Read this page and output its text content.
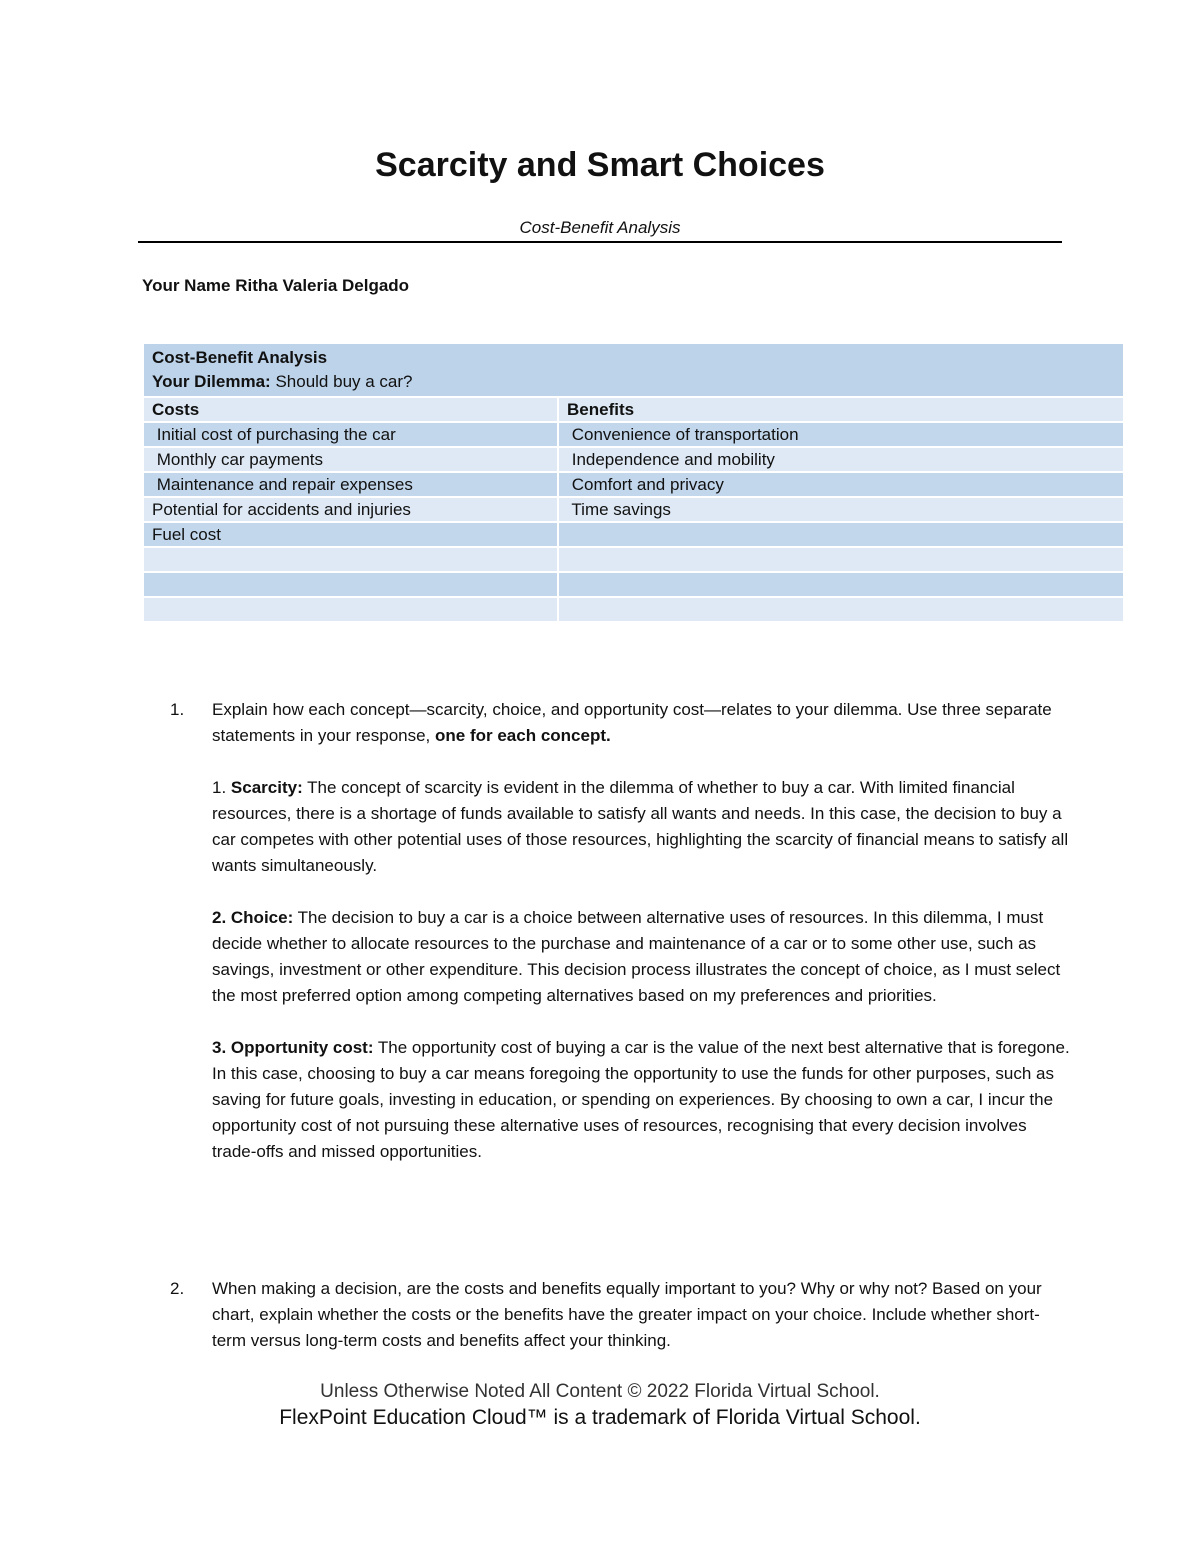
Scarcity and Smart Choices
Cost-Benefit Analysis
Your Name Ritha Valeria Delgado
Cost-Benefit Analysis
Your Dilemma: Should buy a car?	

Costs	Benefits
Initial cost of purchasing the car	Convenience of transportation
Monthly car payments	Independence and mobility
Maintenance and repair expenses	Comfort and privacy
Potential for accidents and injuries	Time savings
Fuel cost	

1.	Explain how each concept—scarcity, choice, and opportunity cost—relates to your dilemma. Use three separate statements in your response, one for each concept.
1. Scarcity: The concept of scarcity is evident in the dilemma of whether to buy a car. With limited financial resources, there is a shortage of funds available to satisfy all wants and needs. In this case, the decision to buy a car competes with other potential uses of those resources, highlighting the scarcity of financial means to satisfy all wants simultaneously.
2. Choice: The decision to buy a car is a choice between alternative uses of resources. In this dilemma, I must decide whether to allocate resources to the purchase and maintenance of a car or to some other use, such as savings, investment or other expenditure. This decision process illustrates the concept of choice, as I must select the most preferred option among competing alternatives based on my preferences and priorities.
3. Opportunity cost: The opportunity cost of buying a car is the value of the next best alternative that is foregone. In this case, choosing to buy a car means foregoing the opportunity to use the funds for other purposes, such as saving for future goals, investing in education, or spending on experiences. By choosing to own a car, I incur the opportunity cost of not pursuing these alternative uses of resources, recognising that every decision involves trade-offs and missed opportunities.
2.	When making a decision, are the costs and benefits equally important to you? Why or why not? Based on your chart, explain whether the costs or the benefits have the greater impact on your choice. Include whether short-term versus long-term costs and benefits affect your thinking.
Unless Otherwise Noted All Content © 2022 Florida Virtual School.
FlexPoint Education Cloud™ is a trademark of Florida Virtual School.
